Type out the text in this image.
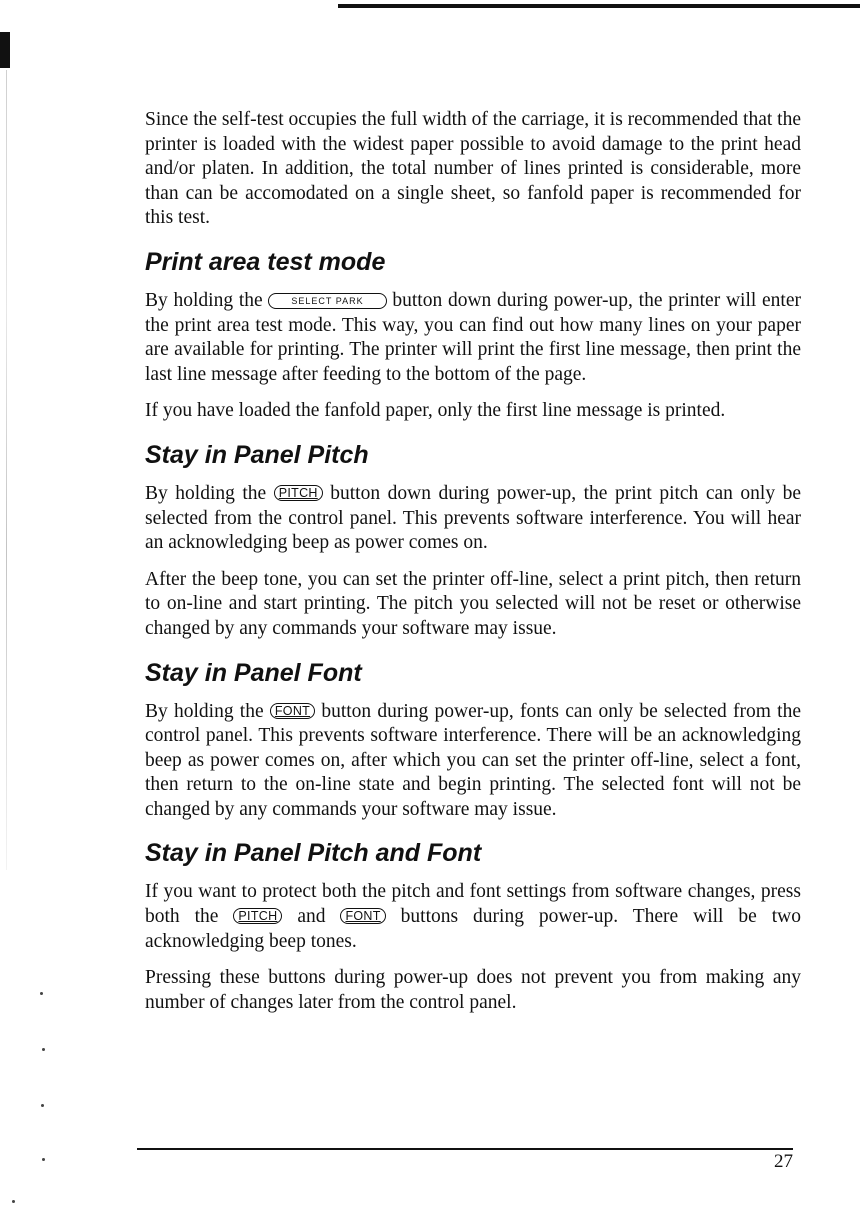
Since the self-test occupies the full width of the carriage, it is recommended that the printer is loaded with the widest paper possible to avoid damage to the print head and/or platen. In addition, the total number of lines printed is considerable, more than can be accomodated on a single sheet, so fanfold paper is recommended for this test.

Print area test mode

By holding the	SELECT PARK button down during power-up, the printer will enter the print area test mode. This way, you can find out how many lines on your paper are available for printing. The printer will print the first line message, then print the last line message after feeding to the bottom of the page.

If you have loaded the fanfold paper, only the first line message is printed.

Stay in Panel Pitch

By holding the PITCH button down during power-up, the print pitch can only be selected from the control panel. This prevents software interference. You will hear an acknowledging beep as power comes on.

After the beep tone, you can set the printer off-line, select a print pitch, then return to on-line and start printing. The pitch you selected will not be reset or otherwise changed by any commands your software may issue.

Stay in Panel Font

By holding the FONT button during power-up, fonts can only be selected from the control panel. This prevents software interference. There will be an acknowledging beep as power comes on, after which you can set the printer off-line, select a font, then return to the on-line state and begin printing. The selected font will not be changed by any commands your software may issue.

Stay in Panel Pitch and Font

If you want to protect both the pitch and font settings from software changes, press both the PITCH and FONT buttons during power-up. There will be two acknowledging beep tones.

Pressing these buttons during power-up does not prevent you from making any number of changes later from the control panel.

27
